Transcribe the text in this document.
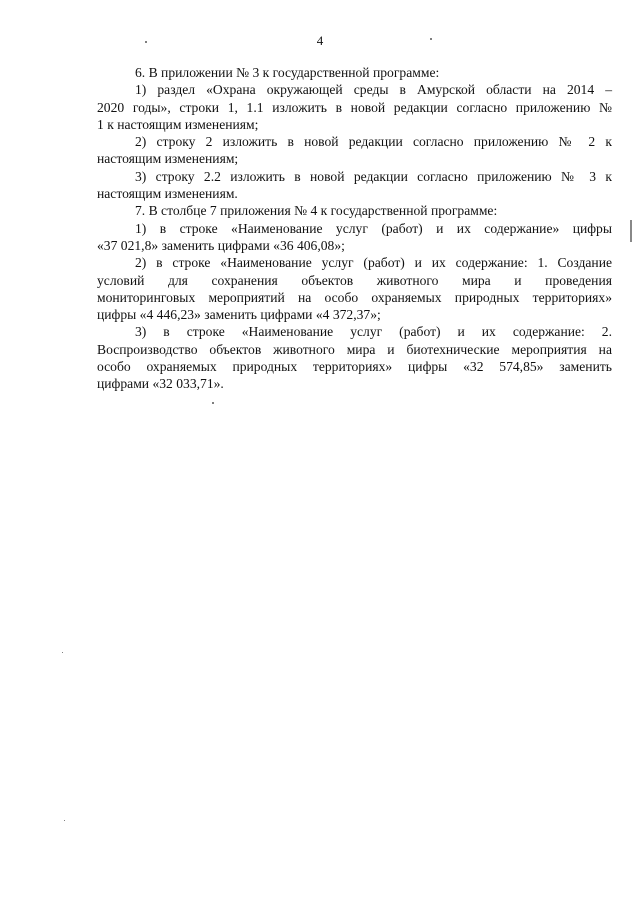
4
6. В приложении № 3 к государственной программе:
1) раздел «Охрана окружающей среды в Амурской области на 2014 –
2020 годы», строки 1, 1.1 изложить в новой редакции согласно приложению №
1 к настоящим изменениям;
2) строку 2 изложить в новой редакции согласно приложению № 2 к
настоящим изменениям;
3) строку 2.2 изложить в новой редакции согласно приложению № 3 к
настоящим изменениям.
7. В столбце 7 приложения № 4 к государственной программе:
1) в строке «Наименование услуг (работ) и их содержание» цифры
«37 021,8» заменить цифрами «36 406,08»;
2) в строке «Наименование услуг (работ) и их содержание: 1. Создание
условий для сохранения объектов животного мира и проведения
мониторинговых мероприятий на особо охраняемых природных территориях»
цифры «4 446,23» заменить цифрами «4 372,37»;
3) в строке «Наименование услуг (работ) и их содержание: 2.
Воспроизводство объектов животного мира и биотехнические мероприятия на
особо охраняемых природных территориях» цифры «32 574,85» заменить
цифрами «32 033,71».
